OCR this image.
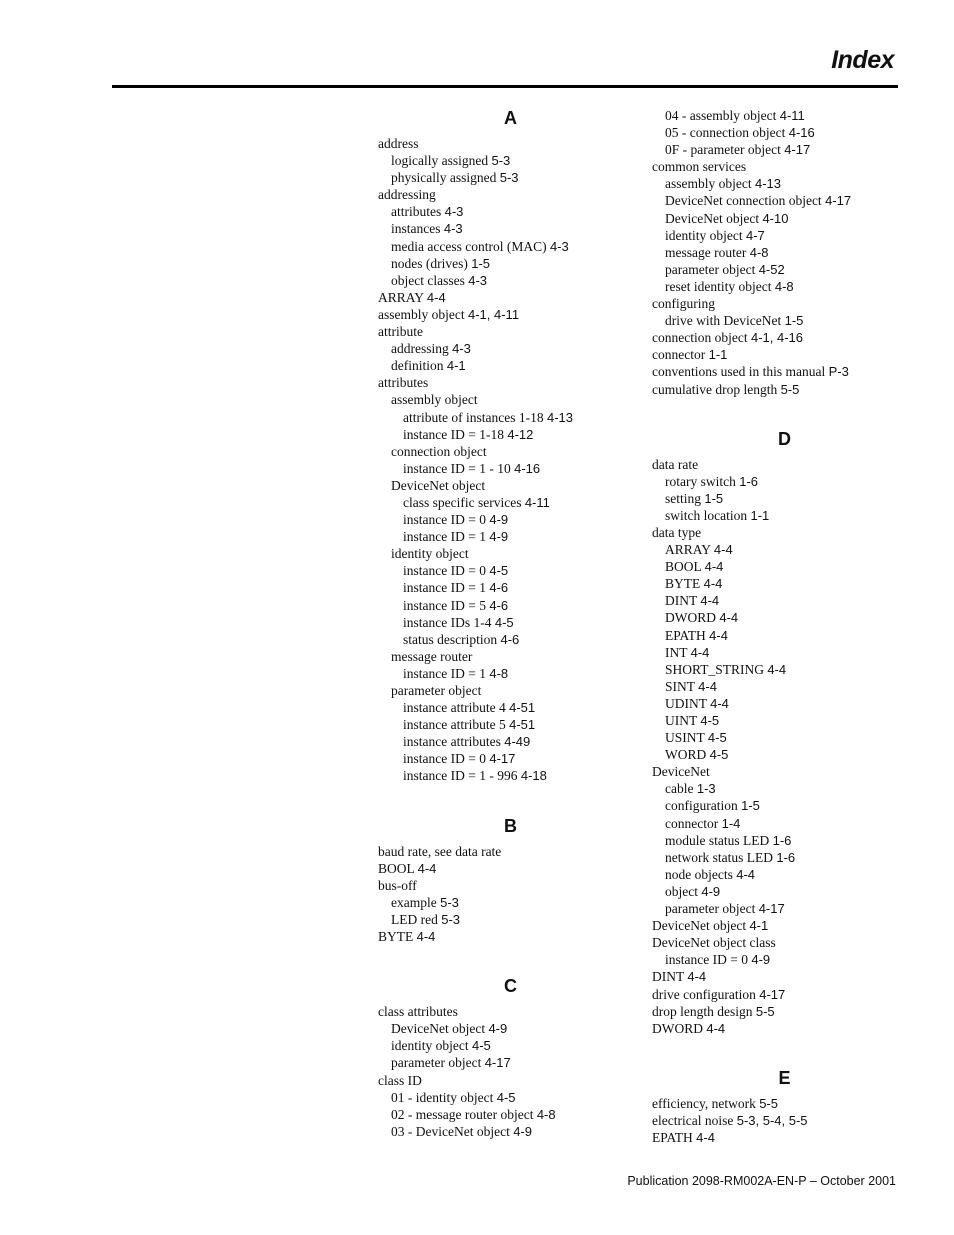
Index
A
address
logically assigned 5-3
physically assigned 5-3
addressing
attributes 4-3
instances 4-3
media access control (MAC) 4-3
nodes (drives) 1-5
object classes 4-3
ARRAY 4-4
assembly object 4-1, 4-11
attribute
addressing 4-3
definition 4-1
attributes
assembly object
attribute of instances 1-18 4-13
instance ID = 1-18 4-12
connection object
instance ID = 1 - 10 4-16
DeviceNet object
class specific services 4-11
instance ID = 0 4-9
instance ID = 1 4-9
identity object
instance ID = 0 4-5
instance ID = 1 4-6
instance ID = 5 4-6
instance IDs 1-4 4-5
status description 4-6
message router
instance ID = 1 4-8
parameter object
instance attribute 4 4-51
instance attribute 5 4-51
instance attributes 4-49
instance ID = 0 4-17
instance ID = 1 - 996 4-18
B
baud rate, see data rate
BOOL 4-4
bus-off
example 5-3
LED red 5-3
BYTE 4-4
C
class attributes
DeviceNet object 4-9
identity object 4-5
parameter object 4-17
class ID
01 - identity object 4-5
02 - message router object 4-8
03 - DeviceNet object 4-9
04 - assembly object 4-11
05 - connection object 4-16
0F - parameter object 4-17
common services
assembly object 4-13
DeviceNet connection object 4-17
DeviceNet object 4-10
identity object 4-7
message router 4-8
parameter object 4-52
reset identity object 4-8
configuring
drive with DeviceNet 1-5
connection object 4-1, 4-16
connector 1-1
conventions used in this manual P-3
cumulative drop length 5-5
D
data rate
rotary switch 1-6
setting 1-5
switch location 1-1
data type
ARRAY 4-4
BOOL 4-4
BYTE 4-4
DINT 4-4
DWORD 4-4
EPATH 4-4
INT 4-4
SHORT_STRING 4-4
SINT 4-4
UDINT 4-4
UINT 4-5
USINT 4-5
WORD 4-5
DeviceNet
cable 1-3
configuration 1-5
connector 1-4
module status LED 1-6
network status LED 1-6
node objects 4-4
object 4-9
parameter object 4-17
DeviceNet object 4-1
DeviceNet object class
instance ID = 0 4-9
DINT 4-4
drive configuration 4-17
drop length design 5-5
DWORD 4-4
E
efficiency, network 5-5
electrical noise 5-3, 5-4, 5-5
EPATH 4-4
Publication 2098-RM002A-EN-P – October 2001
